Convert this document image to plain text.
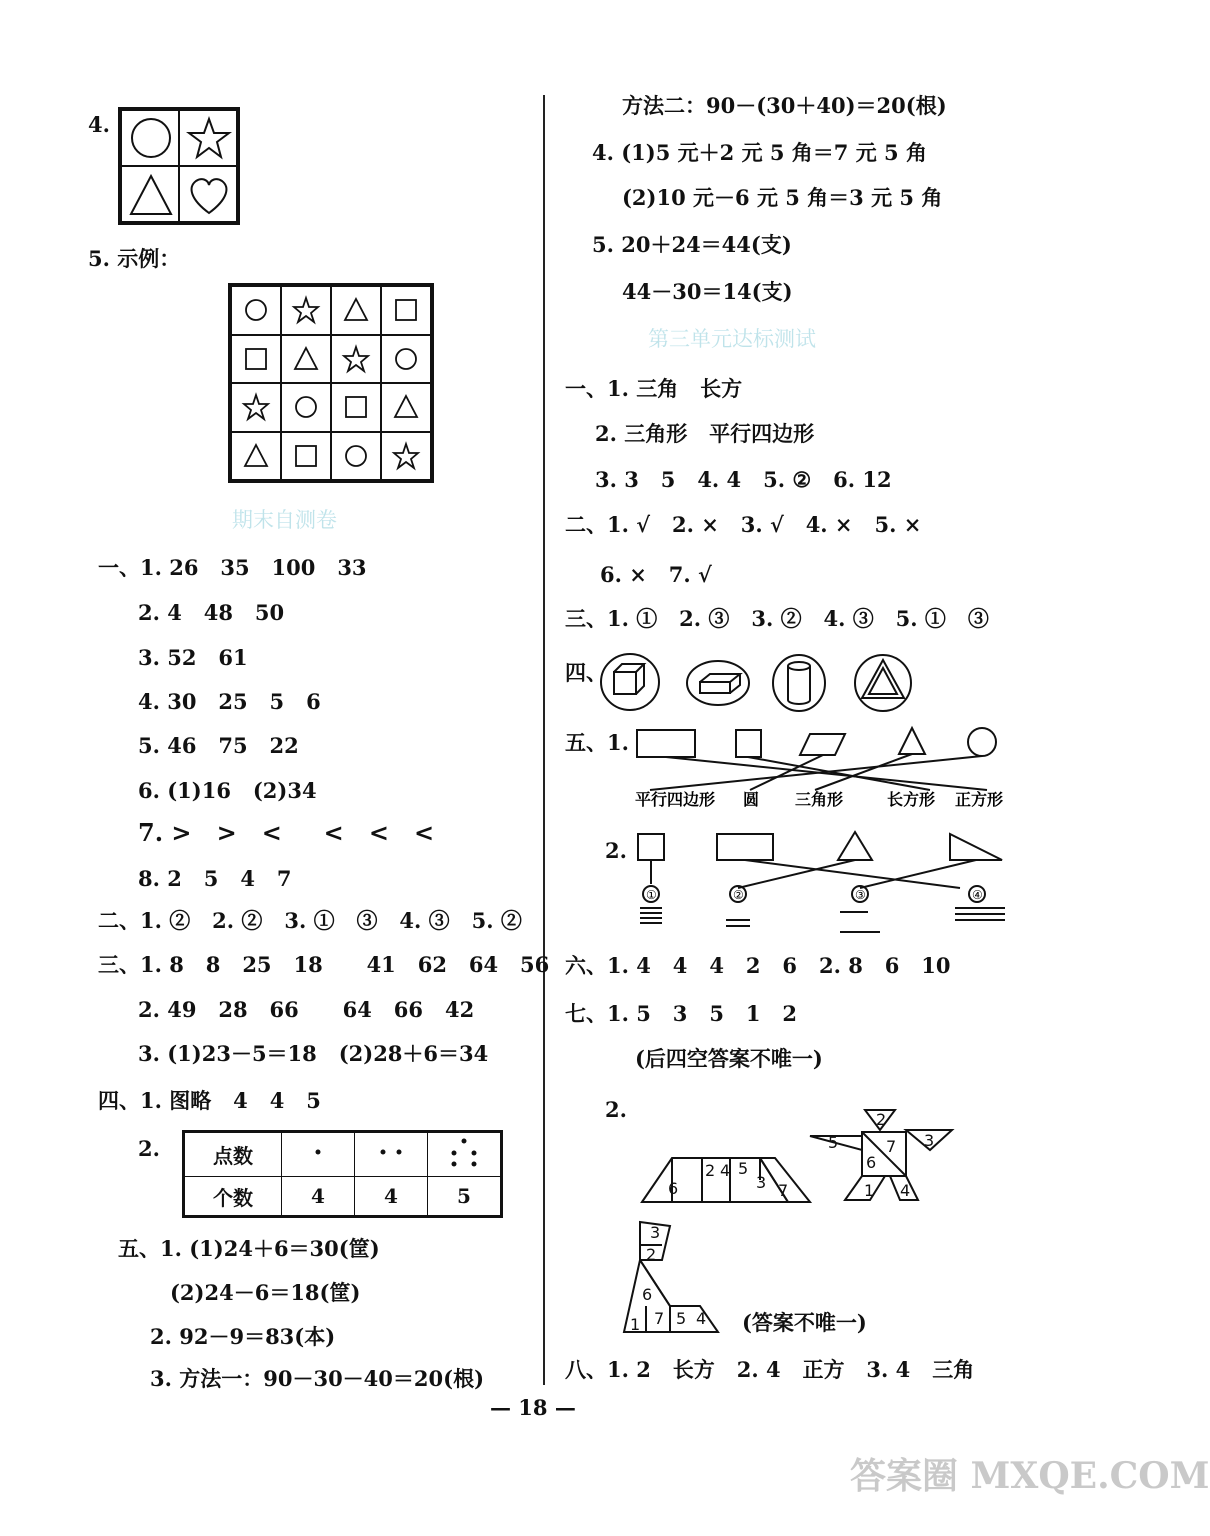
4.
5. 示例：
期末自测卷
一、1. 26   35   100   33
2. 4   48   50
3. 52   61
4. 30   25   5   6
5. 46   75   22
6. (1)16   (2)34
7. >   >   <     <   <   <
8. 2   5   4   7
二、1. ②   2. ②   3. ①   ③   4. ③   5. ②
三、1. 8   8   25   18      41   62   64   56
2. 49   28   66      64   66   42
3. (1)23－5＝18   (2)28＋6＝34
四、1. 图略   4   4   5
2.	点数			
个数	4	4	5
五、1. (1)24＋6＝30(筐)
(2)24－6＝18(筐)
2. 92－9＝83(本)
3. 方法一：90－30－40＝20(根)
方法二：90－(30＋40)＝20(根)
4. (1)5 元＋2 元 5 角＝7 元 5 角
(2)10 元－6 元 5 角＝3 元 5 角
5. 20＋24＝44(支)
44－30＝14(支)
第三单元达标测试
一、1. 三角   长方
2. 三角形   平行四边形
3. 3   5   4. 4   5. ②   6. 12
二、1. √   2. ×   3. √   4. ×   5. ×
6. ×   7. √
三、1. ①   2. ③   3. ②   4. ③   5. ①   ③
四、
五、1.
平行四边形 圆 三角形	长方形 正方形
2.
①	②	③	④
六、1. 4   4   4   2   6   2. 8   6   10
七、1. 5   3   5   1   2
(后四空答案不唯一)
2.
6
2 4 5
3 7
2
5	7 3
6
1 4
3
2
6
7 5 4
1	(答案不唯一)
八、1. 2   长方   2. 4   正方   3. 4   三角
— 18 —
答案圈 MXQE.COM
